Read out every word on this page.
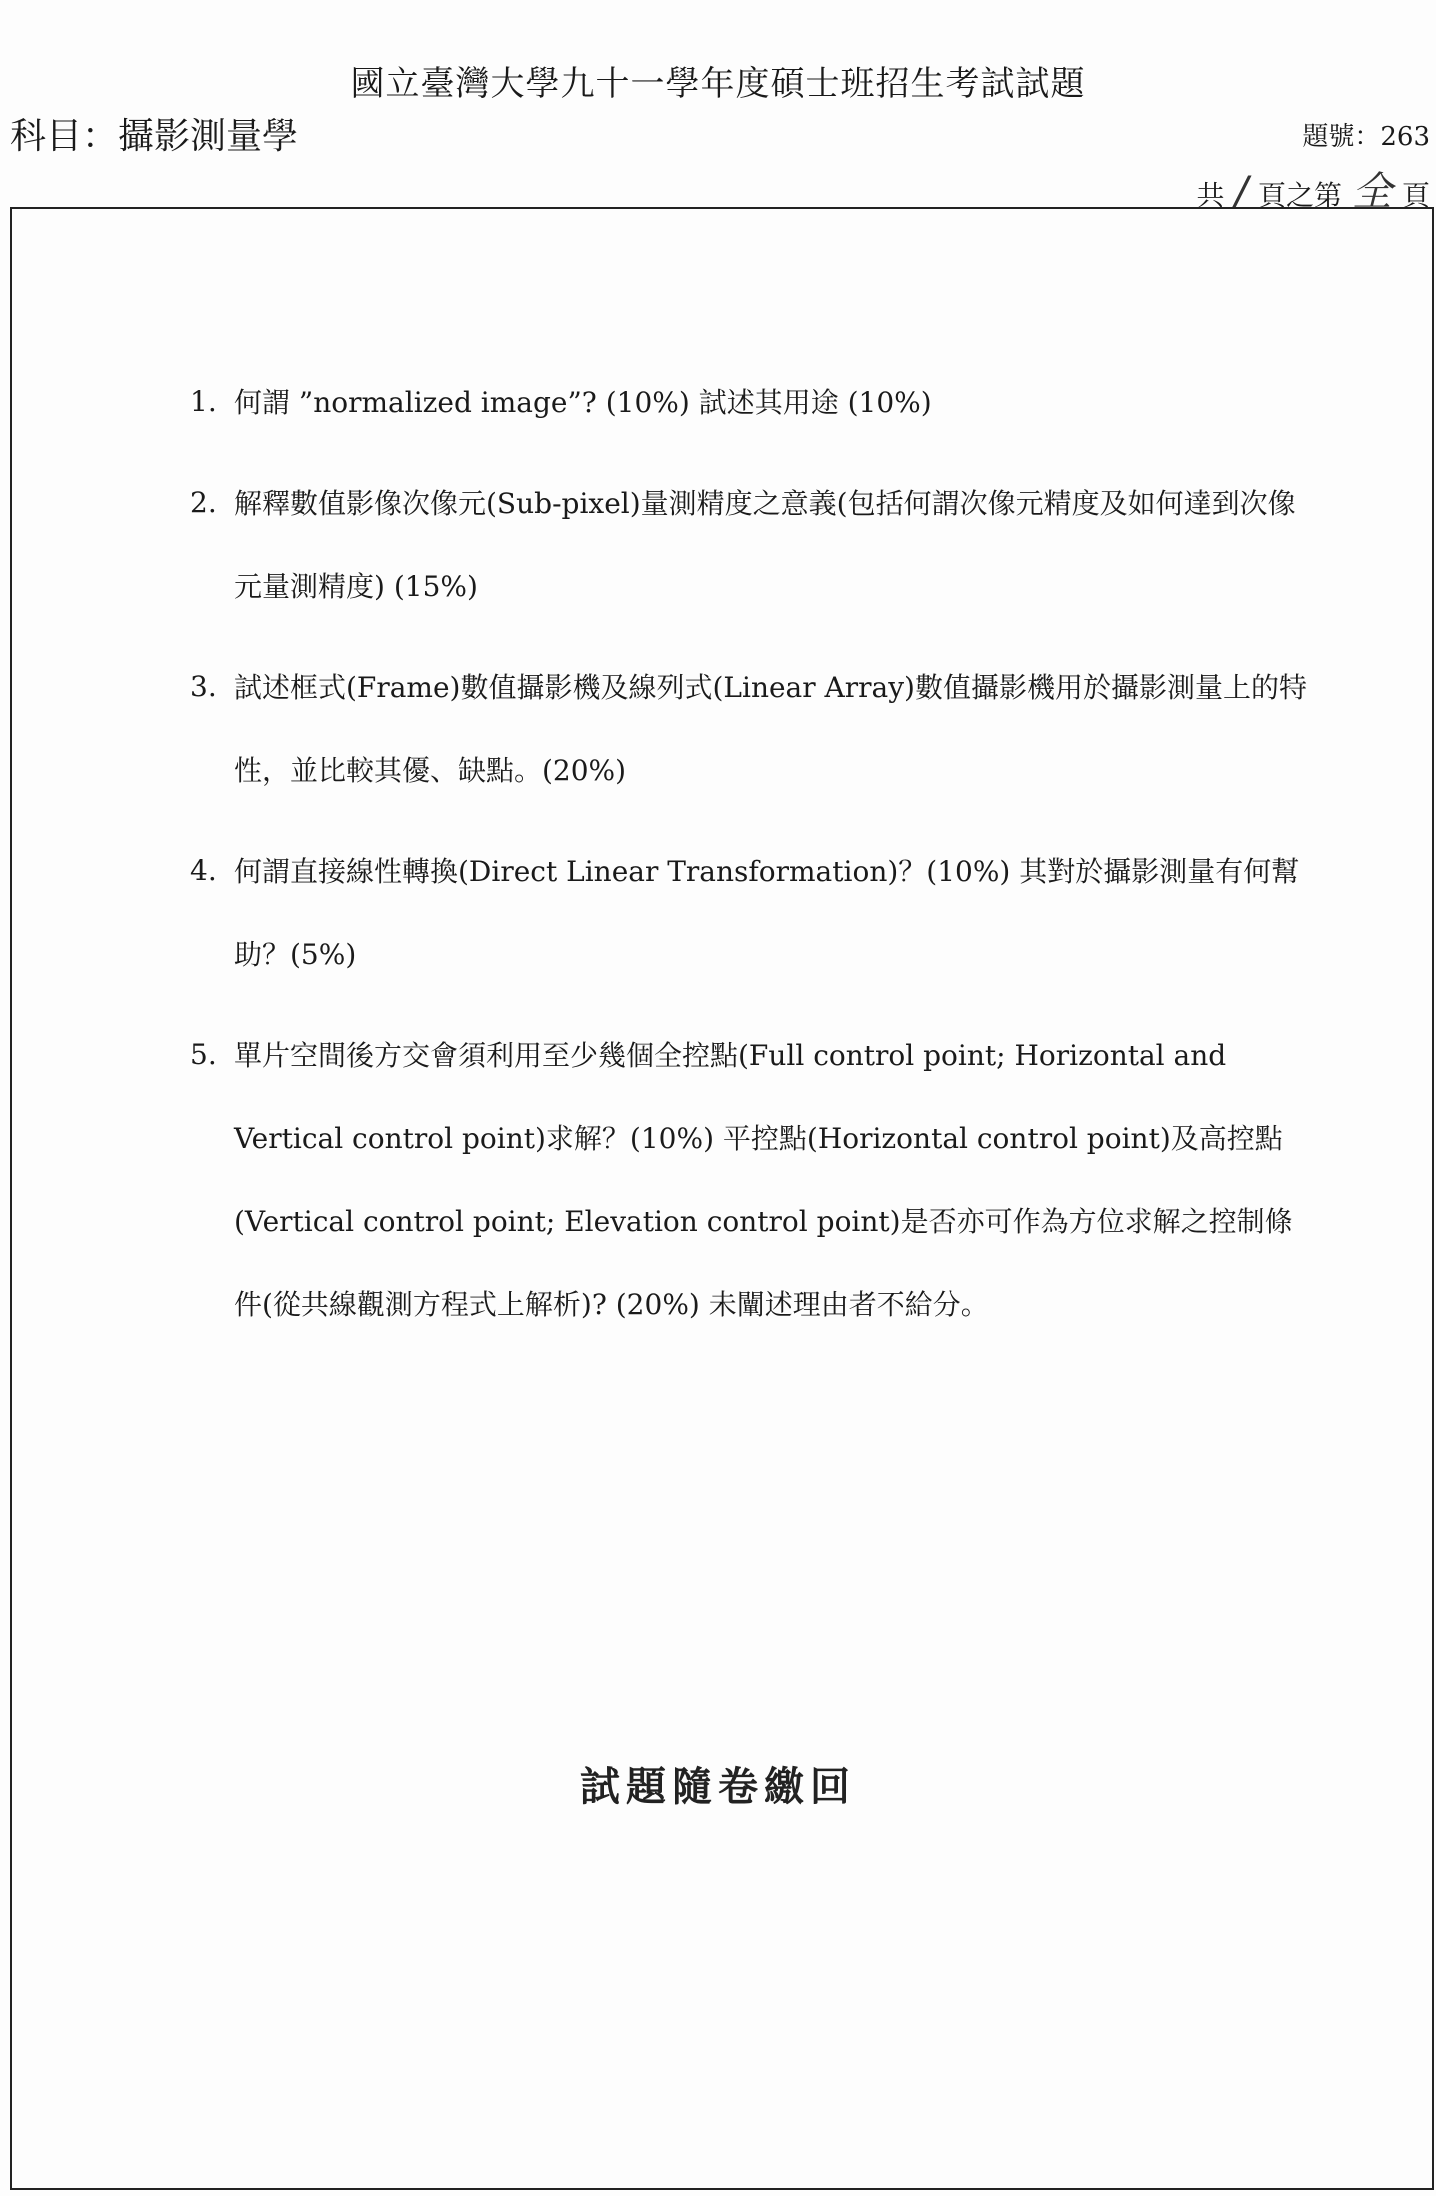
國立臺灣大學九十一學年度碩士班招生考試試題
科目：攝影測量學	題號：263
共 / 頁之第 全 頁
1. 何謂 ”normalized image”? (10%) 試述其用途 (10%)
2. 解釋數值影像次像元(Sub-pixel)量測精度之意義(包括何謂次像元精度及如何達到次像元量測精度) (15%)
3. 試述框式(Frame)數值攝影機及線列式(Linear Array)數值攝影機用於攝影測量上的特性，並比較其優、缺點。(20%)
4. 何謂直接線性轉換(Direct Linear Transformation)？(10%) 其對於攝影測量有何幫助？(5%)
5. 單片空間後方交會須利用至少幾個全控點(Full control point; Horizontal and Vertical control point)求解？(10%) 平控點(Horizontal control point)及高控點(Vertical control point; Elevation control point)是否亦可作為方位求解之控制條件(從共線觀測方程式上解析)? (20%) 未闡述理由者不給分。
試題隨卷繳回
